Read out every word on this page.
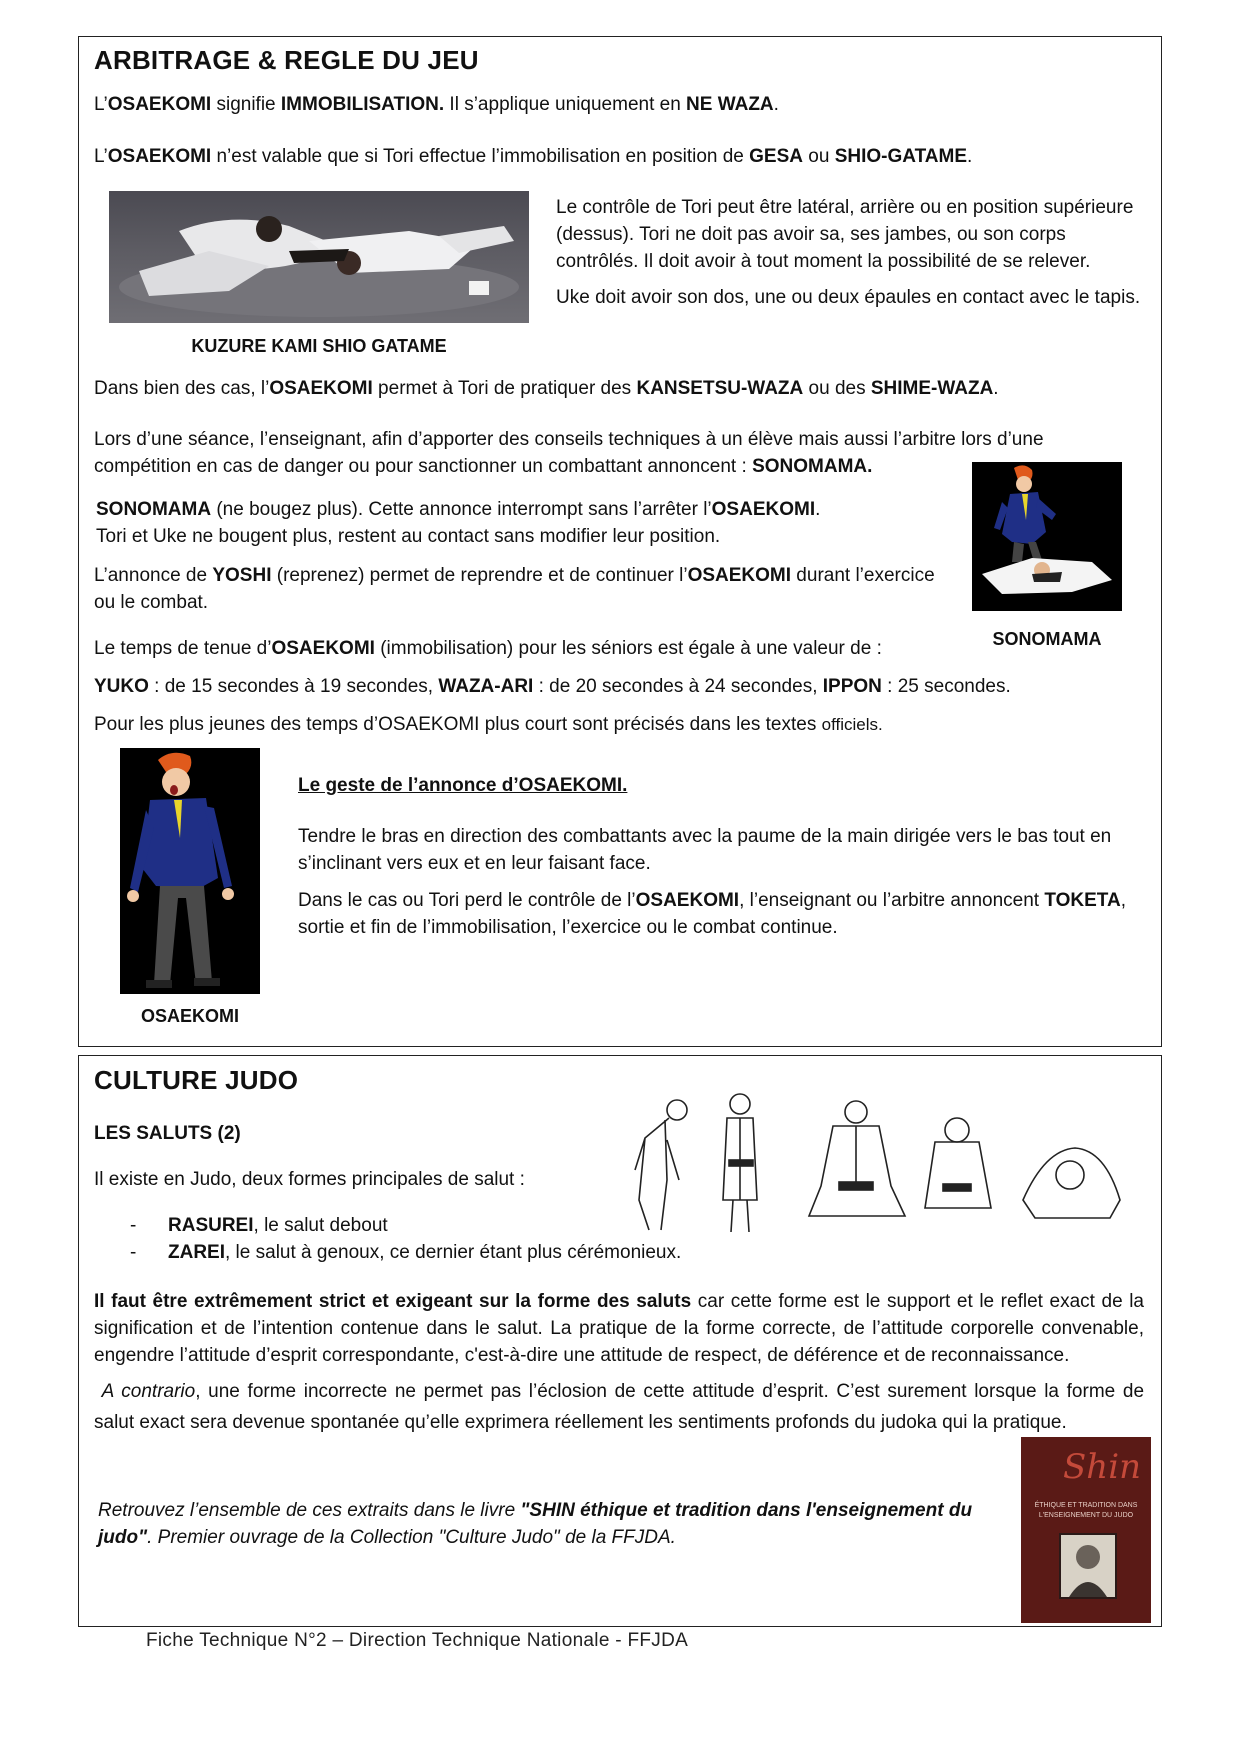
ARBITRAGE & REGLE DU JEU

L’OSAEKOMI signifie IMMOBILISATION. Il s’applique uniquement en NE WAZA.

L’OSAEKOMI n’est valable que si Tori effectue l’immobilisation en position de GESA ou SHIO-GATAME.

Le contrôle de Tori peut être latéral, arrière ou en position supérieure (dessus). Tori ne doit pas avoir sa, ses jambes, ou son corps contrôlés. Il doit avoir à tout moment la possibilité de se relever.

Uke doit avoir son dos, une ou deux épaules en contact avec le tapis.

KUZURE KAMI SHIO GATAME

Dans bien des cas, l’OSAEKOMI permet à Tori de pratiquer des KANSETSU-WAZA ou des SHIME-WAZA.

Lors d’une séance, l’enseignant, afin d’apporter des conseils techniques à un élève mais aussi l’arbitre lors d’une compétition en cas de danger ou pour sanctionner un combattant annoncent : SONOMAMA.

SONOMAMA (ne bougez plus). Cette annonce interrompt sans l’arrêter l’OSAEKOMI.
Tori et Uke ne bougent plus, restent au contact sans modifier leur position.

L’annonce de YOSHI (reprenez) permet de reprendre et de continuer l’OSAEKOMI durant l’exercice ou le combat.

SONOMAMA

Le temps de tenue d’OSAEKOMI (immobilisation) pour les séniors est égale à une valeur de :

YUKO : de 15 secondes à 19 secondes, WAZA-ARI : de 20 secondes à 24 secondes, IPPON : 25 secondes.

Pour les plus jeunes des temps d’OSAEKOMI plus court sont précisés dans les textes officiels.

Le geste de l’annonce d’OSAEKOMI.

Tendre le bras en direction des combattants avec la paume de la main dirigée vers le bas tout en s’inclinant vers eux et en leur faisant face.

Dans le cas ou Tori perd le contrôle de l’OSAEKOMI, l’enseignant ou l’arbitre annoncent TOKETA, sortie et fin de l’immobilisation, l’exercice ou le combat continue.

OSAEKOMI
CULTURE JUDO
LES SALUTS (2)

Il existe en Judo, deux formes principales de salut :

- RASUREI, le salut debout
- ZAREI, le salut à genoux, ce dernier étant plus cérémonieux.

Il faut être extrêmement strict et exigeant sur la forme des saluts car cette forme est le support et le reflet exact de la signification et de l’intention contenue dans le salut. La pratique de la forme correcte, de l’attitude corporelle convenable, engendre l’attitude d’esprit correspondante, c'est-à-dire une attitude de respect, de déférence et de reconnaissance.

A contrario, une forme incorrecte ne permet pas l’éclosion de cette attitude d’esprit. C’est surement lorsque la forme de salut exact sera devenue spontanée qu’elle exprimera réellement les sentiments profonds du judoka qui la pratique.

Shin
ÉTHIQUE ET TRADITION DANS L'ENSEIGNEMENT DU JUDO

Retrouvez l’ensemble de ces extraits dans le livre "SHIN éthique et tradition dans l'enseignement du judo". Premier ouvrage de la Collection "Culture Judo" de la FFJDA.

Fiche Technique N°2 – Direction Technique Nationale - FFJDA
